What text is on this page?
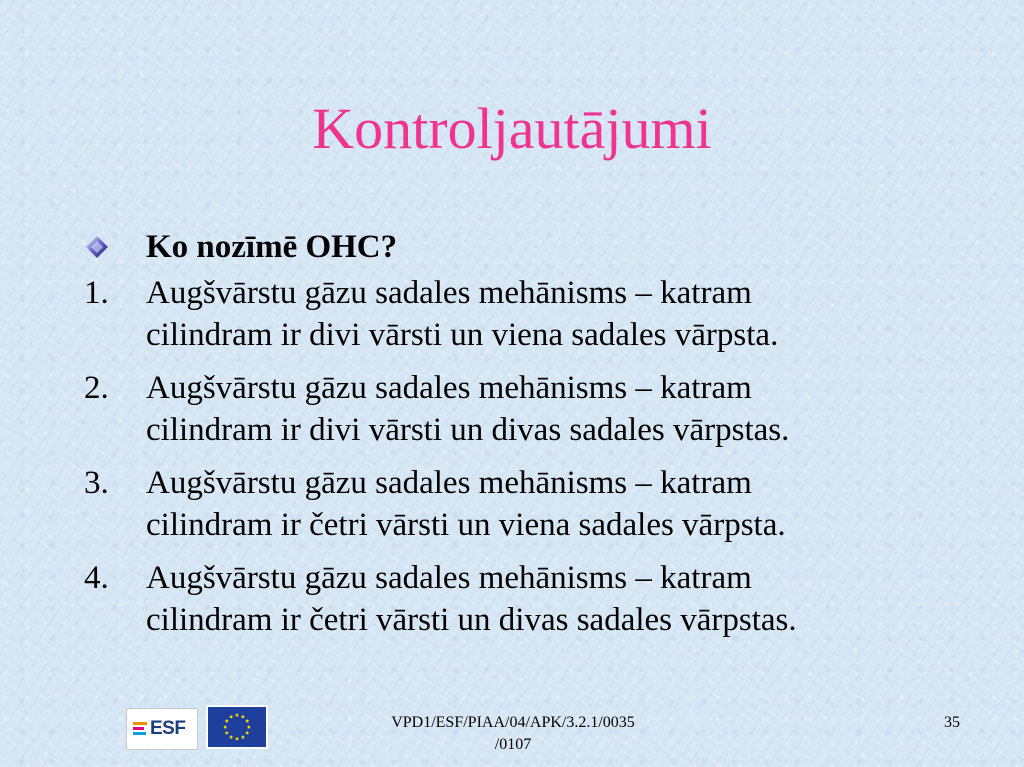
Kontroljautājumi
Ko nozīmē OHC?
1. Augšvārstu gāzu sadales mehānisms – katram
cilindram ir divi vārsti un viena sadales vārpsta.
2. Augšvārstu gāzu sadales mehānisms – katram
cilindram ir divi vārsti un divas sadales vārpstas.
3. Augšvārstu gāzu sadales mehānisms – katram
cilindram ir četri vārsti un viena sadales vārpsta.
4. Augšvārstu gāzu sadales mehānisms – katram
cilindram ir četri vārsti un divas sadales vārpstas.
ESF	VPD1/ESF/PIAA/04/APK/3.2.1/0035
/0107
35
